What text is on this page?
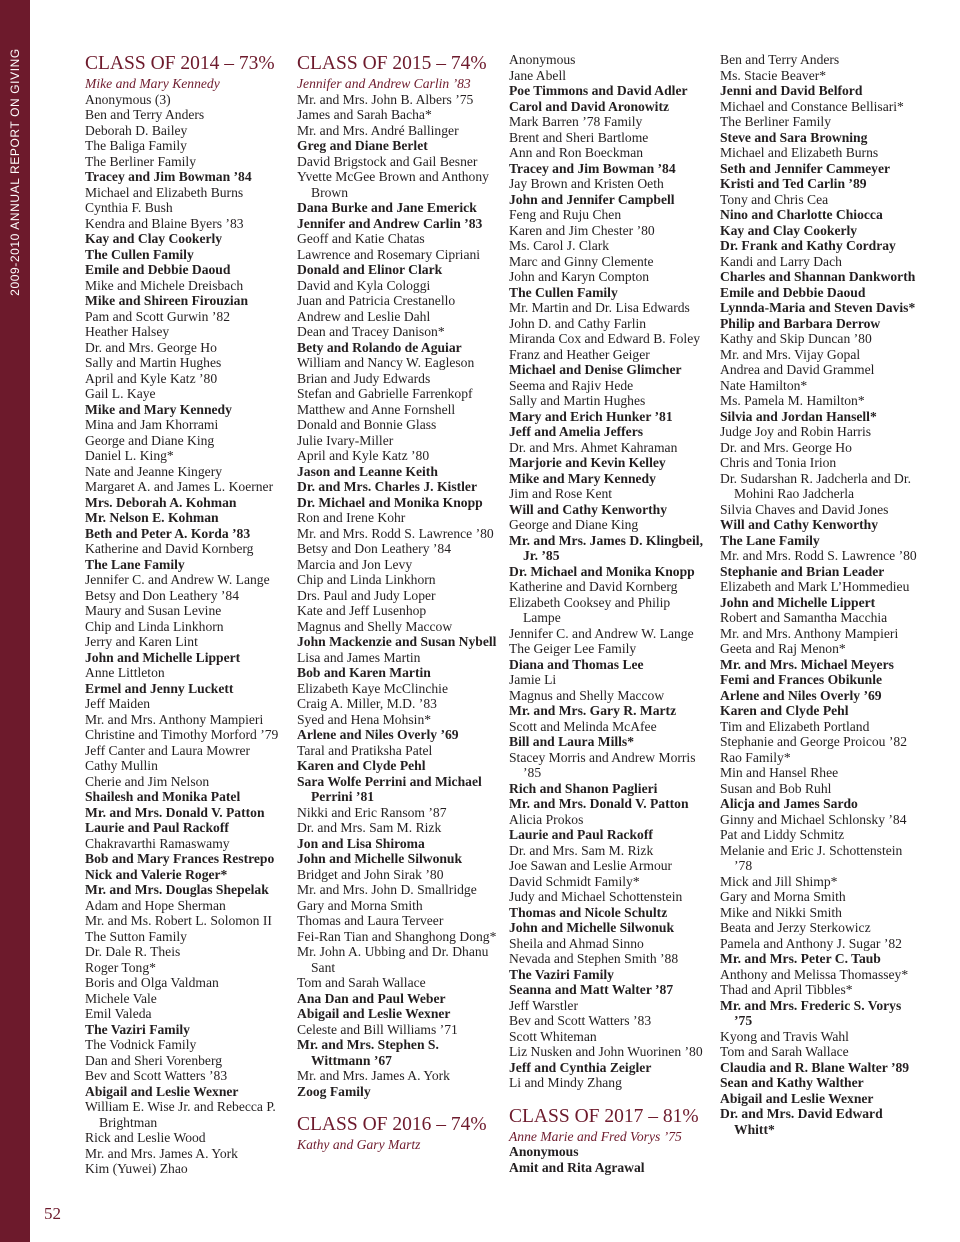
2009-2010 ANNUAL REPORT ON GIVING	CLASS OF 2014 – 73%
Mike and Mary Kennedy
Anonymous (3)
Ben and Terry Anders
Deborah D. Bailey
The Baliga Family
The Berliner Family
Tracey and Jim Bowman ’84
Michael and Elizabeth Burns
Cynthia F. Bush
Kendra and Blaine Byers ’83
Kay and Clay Cookerly
The Cullen Family
Emile and Debbie Daoud
Mike and Michele Dreisbach
Mike and Shireen Firouzian
Pam and Scott Gurwin ’82
Heather Halsey
Dr. and Mrs. George Ho
Sally and Martin Hughes
April and Kyle Katz ’80
Gail L. Kaye
Mike and Mary Kennedy
Mina and Jam Khorrami
George and Diane King
Daniel L. King*
Nate and Jeanne Kingery
Margaret A. and James L. Koerner
Mrs. Deborah A. Kohman
Mr. Nelson E. Kohman
Beth and Peter A. Korda ’83
Katherine and David Kornberg
The Lane Family
Jennifer C. and Andrew W. Lange
Betsy and Don Leathery ’84
Maury and Susan Levine
Chip and Linda Linkhorn
Jerry and Karen Lint
John and Michelle Lippert
Anne Littleton
Ermel and Jenny Luckett
Jeff Maiden
Mr. and Mrs. Anthony Mampieri
Christine and Timothy Morford ’79
Jeff Canter and Laura Mowrer
Cathy Mullin
Cherie and Jim Nelson
Shailesh and Monika Patel
Mr. and Mrs. Donald V. Patton
Laurie and Paul Rackoff
Chakravarthi Ramaswamy
Bob and Mary Frances Restrepo
Nick and Valerie Roger*
Mr. and Mrs. Douglas Shepelak
Adam and Hope Sherman
Mr. and Ms. Robert L. Solomon II
The Sutton Family
Dr. Dale R. Theis
Roger Tong*
Boris and Olga Valdman
Michele Vale
Emil Valeda
The Vaziri Family
The Vodnick Family
Dan and Sheri Vorenberg
Bev and Scott Watters ’83
Abigail and Leslie Wexner
William E. Wise Jr. and Rebecca P. Brightman
Rick and Leslie Wood
Mr. and Mrs. James A. York
Kim (Yuwei) Zhao
CLASS OF 2015 – 74%
Jennifer and Andrew Carlin ’83
Mr. and Mrs. John B. Albers ’75
James and Sarah Bacha*
Mr. and Mrs. André Ballinger
Greg and Diane Berlet
David Brigstock and Gail Besner
Yvette McGee Brown and Anthony Brown
Dana Burke and Jane Emerick
Jennifer and Andrew Carlin ’83
Geoff and Katie Chatas
Lawrence and Rosemary Cipriani
Donald and Elinor Clark
David and Kyla Cologgi
Juan and Patricia Crestanello
Andrew and Leslie Dahl
Dean and Tracey Danison*
Bety and Rolando de Aguiar
William and Nancy W. Eagleson
Brian and Judy Edwards
Stefan and Gabrielle Farrenkopf
Matthew and Anne Fornshell
Donald and Bonnie Glass
Julie Ivary-Miller
April and Kyle Katz ’80
Jason and Leanne Keith
Dr. and Mrs. Charles J. Kistler
Dr. Michael and Monika Knopp
Ron and Irene Kohr
Mr. and Mrs. Rodd S. Lawrence ’80
Betsy and Don Leathery ’84
Marcia and Jon Levy
Chip and Linda Linkhorn
Drs. Paul and Judy Loper
Kate and Jeff Lusenhop
Magnus and Shelly Maccow
John Mackenzie and Susan Nybell
Lisa and James Martin
Bob and Karen Martin
Elizabeth Kaye McClinchie
Craig A. Miller, M.D. ’83
Syed and Hena Mohsin*
Arlene and Niles Overly ’69
Taral and Pratiksha Patel
Karen and Clyde Pehl
Sara Wolfe Perrini and Michael Perrini ’81
Nikki and Eric Ransom ’87
Dr. and Mrs. Sam M. Rizk
Jon and Lisa Shiroma
John and Michelle Silwonuk
Bridget and John Sirak ’80
Mr. and Mrs. John D. Smallridge
Gary and Morna Smith
Thomas and Laura Terveer
Fei-Ran Tian and Shanghong Dong*
Mr. John A. Ubbing and Dr. Dhanu Sant
Tom and Sarah Wallace
Ana Dan and Paul Weber
Abigail and Leslie Wexner
Celeste and Bill Williams ’71
Mr. and Mrs. Stephen S. Wittmann ’67
Mr. and Mrs. James A. York
Zoog Family
CLASS OF 2016 – 74%
Kathy and Gary Martz
Anonymous
Jane Abell
Poe Timmons and David Adler
Carol and David Aronowitz
Mark Barren ’78 Family
Brent and Sheri Bartlome
Ann and Ron Boeckman
Tracey and Jim Bowman ’84
Jay Brown and Kristen Oeth
John and Jennifer Campbell
Feng and Ruju Chen
Karen and Jim Chester ’80
Ms. Carol J. Clark
Marc and Ginny Clemente
John and Karyn Compton
The Cullen Family
Mr. Martin and Dr. Lisa Edwards
John D. and Cathy Farlin
Miranda Cox and Edward B. Foley
Franz and Heather Geiger
Michael and Denise Glimcher
Seema and Rajiv Hede
Sally and Martin Hughes
Mary and Erich Hunker ’81
Jeff and Amelia Jeffers
Dr. and Mrs. Ahmet Kahraman
Marjorie and Kevin Kelley
Mike and Mary Kennedy
Jim and Rose Kent
Will and Cathy Kenworthy
George and Diane King
Mr. and Mrs. James D. Klingbeil, Jr. ’85
Dr. Michael and Monika Knopp
Katherine and David Kornberg
Elizabeth Cooksey and Philip Lampe
Jennifer C. and Andrew W. Lange
The Geiger Lee Family
Diana and Thomas Lee
Jamie Li
Magnus and Shelly Maccow
Mr. and Mrs. Gary R. Martz
Scott and Melinda McAfee
Bill and Laura Mills*
Stacey Morris and Andrew Morris ’85
Rich and Shanon Paglieri
Mr. and Mrs. Donald V. Patton
Alicia Prokos
Laurie and Paul Rackoff
Dr. and Mrs. Sam M. Rizk
Joe Sawan and Leslie Armour
David Schmidt Family*
Judy and Michael Schottenstein
Thomas and Nicole Schultz
John and Michelle Silwonuk
Sheila and Ahmad Sinno
Nevada and Stephen Smith ’88
The Vaziri Family
Seanna and Matt Walter ’87
Jeff Warstler
Bev and Scott Watters ’83
Scott Whiteman
Liz Nusken and John Wuorinen ’80
Jeff and Cynthia Zeigler
Li and Mindy Zhang
CLASS OF 2017 – 81%
Anne Marie and Fred Vorys ’75
Anonymous
Amit and Rita Agrawal
Ben and Terry Anders
Ms. Stacie Beaver*
Jenni and David Belford
Michael and Constance Bellisari*
The Berliner Family
Steve and Sara Browning
Michael and Elizabeth Burns
Seth and Jennifer Cammeyer
Kristi and Ted Carlin ’89
Tony and Chris Cea
Nino and Charlotte Chiocca
Kay and Clay Cookerly
Dr. Frank and Kathy Cordray
Kandi and Larry Dach
Charles and Shannan Dankworth
Emile and Debbie Daoud
Lynnda-Maria and Steven Davis*
Philip and Barbara Derrow
Kathy and Skip Duncan ’80
Mr. and Mrs. Vijay Gopal
Andrea and David Grammel
Nate Hamilton*
Ms. Pamela M. Hamilton*
Silvia and Jordan Hansell*
Judge Joy and Robin Harris
Dr. and Mrs. George Ho
Chris and Tonia Irion
Dr. Sudarshan R. Jadcherla and Dr. Mohini Rao Jadcherla
Silvia Chaves and David Jones
Will and Cathy Kenworthy
The Lane Family
Mr. and Mrs. Rodd S. Lawrence ’80
Stephanie and Brian Leader
Elizabeth and Mark L’Hommedieu
John and Michelle Lippert
Robert and Samantha Macchia
Mr. and Mrs. Anthony Mampieri
Geeta and Raj Menon*
Mr. and Mrs. Michael Meyers
Femi and Frances Obikunle
Arlene and Niles Overly ’69
Karen and Clyde Pehl
Tim and Elizabeth Portland
Stephanie and George Proicou ’82
Rao Family*
Min and Hansel Rhee
Susan and Bob Ruhl
Alicja and James Sardo
Ginny and Michael Schlonsky ’84
Pat and Liddy Schmitz
Melanie and Eric J. Schottenstein ’78
Mick and Jill Shimp*
Gary and Morna Smith
Mike and Nikki Smith
Beata and Jerzy Sterkowicz
Pamela and Anthony J. Sugar ’82
Mr. and Mrs. Peter C. Taub
Anthony and Melissa Thomassey*
Thad and April Tibbles*
Mr. and Mrs. Frederic S. Vorys ’75
Kyong and Travis Wahl
Tom and Sarah Wallace
Claudia and R. Blane Walter ’89
Sean and Kathy Walther
Abigail and Leslie Wexner
Dr. and Mrs. David Edward Whitt*
52
